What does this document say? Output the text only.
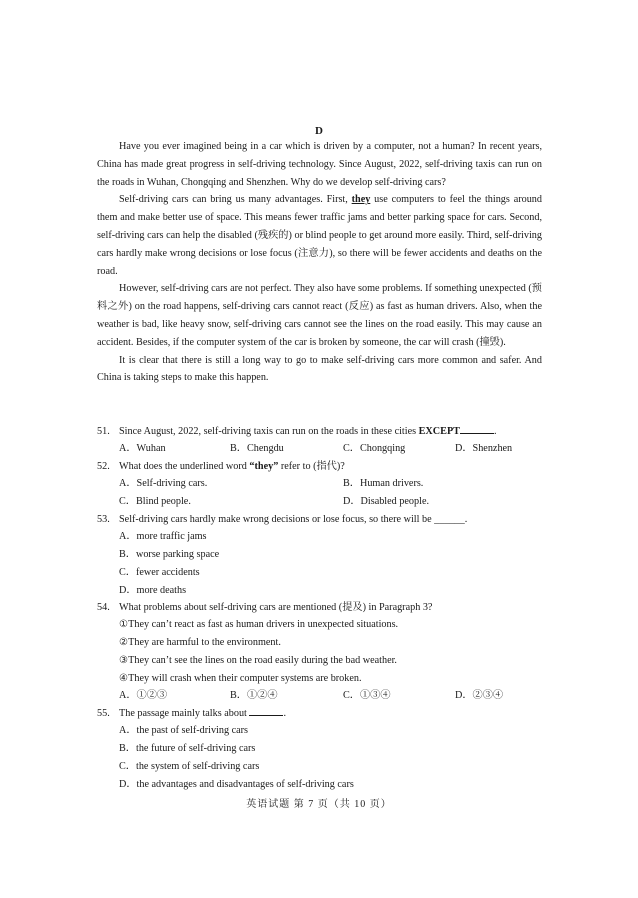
D

Have you ever imagined being in a car which is driven by a computer, not a human? In recent years, China has made great progress in self-driving technology. Since August, 2022, self-driving taxis can run on the roads in Wuhan, Chongqing and Shenzhen. Why do we develop self-driving cars?

Self-driving cars can bring us many advantages. First, they use computers to feel the things around them and make better use of space. This means fewer traffic jams and better parking space for cars. Second, self-driving cars can help the disabled (残疾的) or blind people to get around more easily. Third, self-driving cars hardly make wrong decisions or lose focus (注意力), so there will be fewer accidents and deaths on the road.

However, self-driving cars are not perfect. They also have some problems. If something unexpected (预料之外) on the road happens, self-driving cars cannot react (反应) as fast as human drivers. Also, when the weather is bad, like heavy snow, self-driving cars cannot see the lines on the road easily. This may cause an accident. Besides, if the computer system of the car is broken by someone, the car will crash (撞毁).

It is clear that there is still a long way to go to make self-driving cars more common and safer. And China is taking steps to make this happen.

51. Since August, 2022, self-driving taxis can run on the roads in these cities EXCEPT	.
A．Wuhan	B．Chengdu	C．Chongqing	D．Shenzhen
52. What does the underlined word “they” refer to (指代)?
A．Self-driving cars.	B．Human drivers.
C．Blind people.	D．Disabled people.
53. Self-driving cars hardly make wrong decisions or lose focus, so there will be ______.
A．more traffic jams
B．worse parking space
C．fewer accidents
D．more deaths
54. What problems about self-driving cars are mentioned (提及) in Paragraph 3?
①They can’t react as fast as human drivers in unexpected situations.
②They are harmful to the environment.
③They can’t see the lines on the road easily during the bad weather.
④They will crash when their computer systems are broken.
A．①②③	B．①②④	C．①③④	D．②③④
55. The passage mainly talks about	.
A．the past of self-driving cars
B．the future of self-driving cars
C．the system of self-driving cars
D．the advantages and disadvantages of self-driving cars
英语试题 第 7 页（共 10 页）
